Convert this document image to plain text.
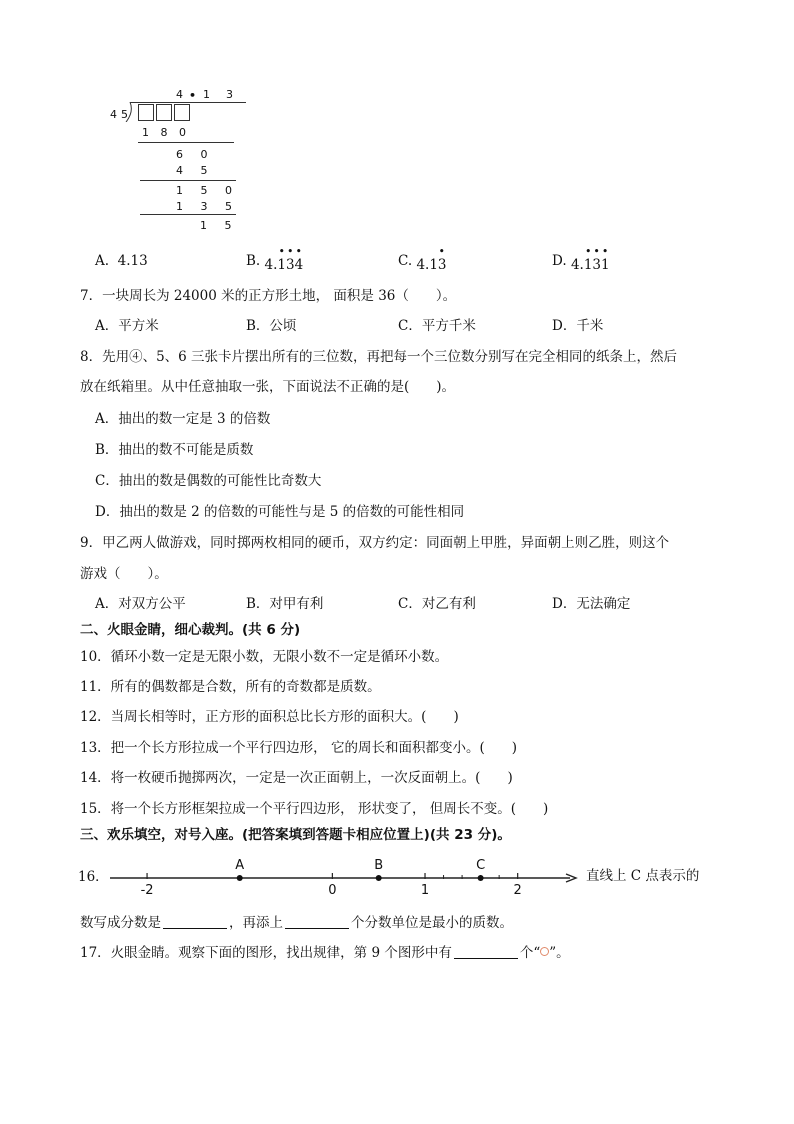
4 • 1 3
45
1 8 0
6 0
4 5
1 5 0
1 3 5
1 5
A. 4.13	B.
•••
4.134	C.
•
4.13	D.
•••
4.131
7．一块周长为 24000 米的正方形土地， 面积是 36（　　）。
A．平方米	B．公顷	C．平方千米	D．千米
8．先用④、5、6 三张卡片摆出所有的三位数，再把每一个三位数分别写在完全相同的纸条上，然后
放在纸箱里。从中任意抽取一张，下面说法不正确的是(　　)。
A．抽出的数一定是 3 的倍数
B．抽出的数不可能是质数
C．抽出的数是偶数的可能性比奇数大
D．抽出的数是 2 的倍数的可能性与是 5 的倍数的可能性相同
9．甲乙两人做游戏，同时掷两枚相同的硬币，双方约定：同面朝上甲胜，异面朝上则乙胜，则这个
游戏（　　）。
A．对双方公平	B．对甲有利	C．对乙有利	D．无法确定
二、火眼金睛，细心裁判。(共 6 分)
10．循环小数一定是无限小数，无限小数不一定是循环小数。
11．所有的偶数都是合数，所有的奇数都是质数。
12．当周长相等时，正方形的面积总比长方形的面积大。(　　)
13．把一个长方形拉成一个平行四边形， 它的周长和面积都变小。(　　)
14．将一枚硬币抛掷两次，一定是一次正面朝上，一次反面朝上。(　　)
15．将一个长方形框架拉成一个平行四边形， 形状变了， 但周长不变。(　　)
三、欢乐填空，对号入座。(把答案填到答题卡相应位置上)(共 23 分)。
16．
-2	0	1	2
A	B	C
直线上 C 点表示的
数写成分数是	，再添上	个分数单位是最小的质数。
17．火眼金睛。观察下面的图形，找出规律，第 9 个图形中有	个“ ”。
